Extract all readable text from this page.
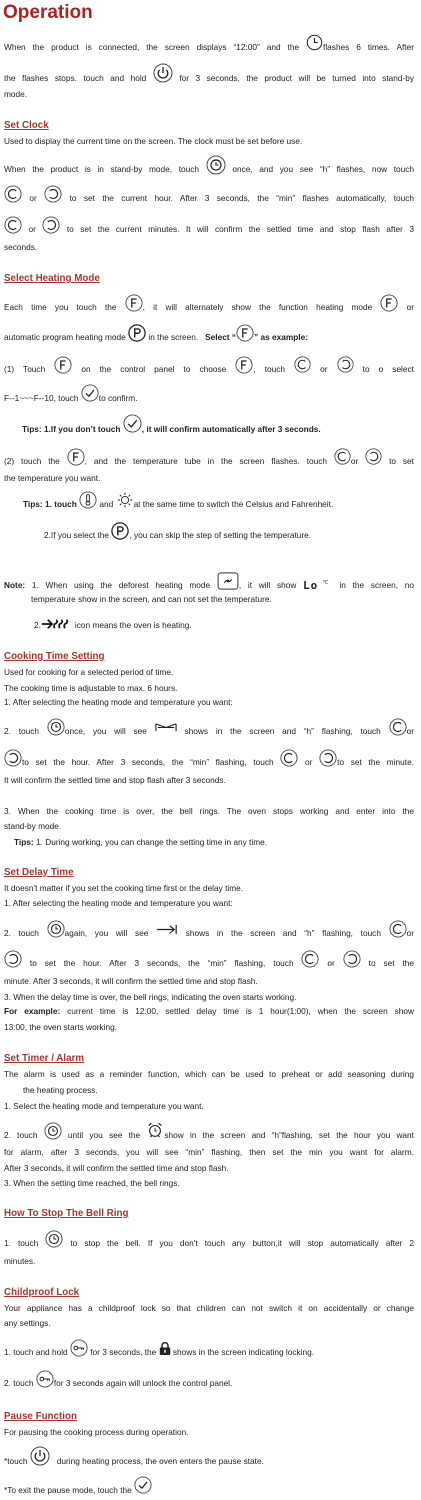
Operation
When the product is connected, the screen displays “12:00” and the	flashes 6 times. After
the flashes stops. touch and hold	for 3 seconds, the product will be turned into stand-by
mode.
Set Clock
Used to display the current time on the screen. The clock must be set before use.
When the product is in stand-by mode, touch	once, and you see “h” flashes, now touch
or	to set the current hour. After 3 seconds, the “min” flashes automatically, touch
or	to set the current minutes. It will confirm the settled time and stop flash after 3
seconds.
Select Heating Mode
Each time you touch the	, it will alternately show the function heating mode	or
automatic program heating mode	in the screen. Select “ ” as example:
(1) Touch	on the control panel to choose	, touch	or	to o select
F--1~~~F--10, touch to confirm.
Tips: 1.If you don’t touch	, it will confirm automatically after 3 seconds.
(2) touch the	, and the temperature tube in the screen flashes. touch	or	to set
the temperature you want.
Tips: 1. touch	and at the same time to switch the Celsius and Fahrenheit.
2.If you select the , you can skip the step of setting the temperature.
Note: 1. When using the deforest heating mode	, it will show Lo℃ in the screen, no
temperature show in the screen, and can not set the temperature.
2.	icon means the oven is heating.
Cooking Time Setting
Used for cooking for a selected period of time.
The cooking time is adjustable to max. 6 hours.
1. After selecting the heating mode and temperature you want:
2. touch	once, you will see	shows in the screen and “h” flashing, touch	or
to set the hour. After 3 seconds, the “min” flashing, touch	or	to set the minute.
It will confirm the settled time and stop flash after 3 seconds.
3. When the cooking time is over, the bell rings. The oven stops working and enter into the
stand-by mode.
Tips: 1. During working, you can change the setting time in any time.
Set Delay Time
It doesn't matter if you set the cooking time first or the delay time.
1. After selecting the heating mode and temperature you want:
2. touch	again, you will see	shows in the screen and “h” flashing, touch	or
to set the hour. After 3 seconds, the “min” flashing, touch	or	to set the
minute. After 3 seconds, it will confirm the settled time and stop flash.
3. When the delay time is over, the bell rings, indicating the oven starts working.
For example: current time is 12:00, settled delay time is 1 hour(1:00), when the screen show
13:00, the oven starts working.
Set Timer / Alarm
The alarm is used as a reminder function, which can be used to preheat or add seasoning during
the heating process.
1. Select the heating mode and temperature you want.
2. touch	until you see the	show in the screen and “h”flashing, set the hour you want
for alarm, after 3 seconds, you will see “min” flashing, then set the min you want for alarm.
After 3 seconds, it will confirm the settled time and stop flash.
3. When the setting time reached, the bell rings.
How To Stop The Bell Ring
1. touch	to stop the bell. If you don't touch any button,it will stop automatically after 2
minutes.
Childproof Lock
Your appliance has a childproof lock so that children can not switch it on accidentally or change
any settings.
1. touch and hold	for 3 seconds, the shows in the screen indicating locking.
2. touch for 3 seconds again will unlock the control panel.
Pause Function
For pausing the cooking process during operation.
*touch	during heating process, the oven enters the pause state.
*To exit the pause mode, touch the
